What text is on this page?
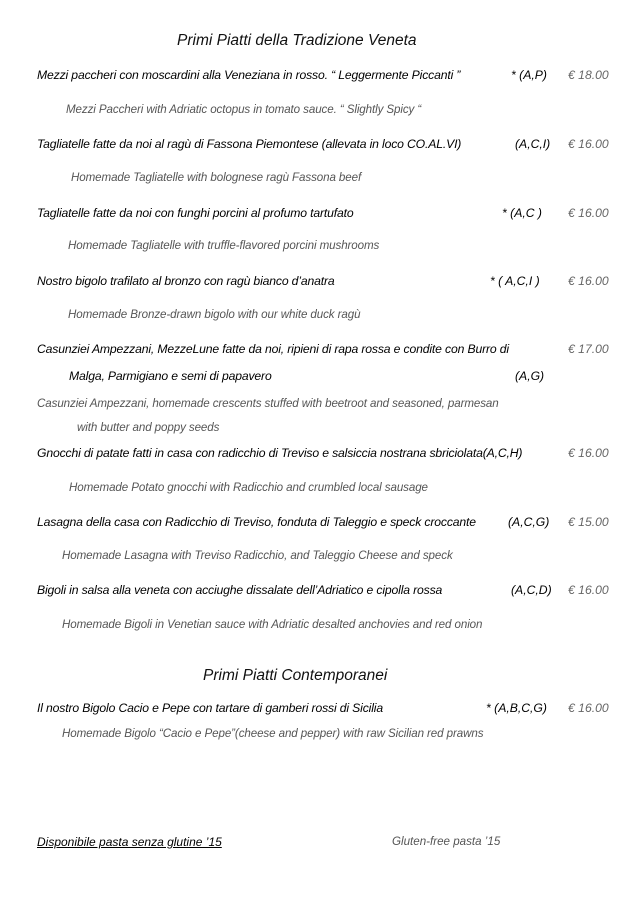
Primi Piatti della Tradizione Veneta
Mezzi paccheri con moscardini alla Veneziana in rosso. “ Leggermente Piccanti ”	* (A,P) € 18.00
Mezzi Paccheri with Adriatic octopus in tomato sauce. “ Slightly Spicy “
Tagliatelle fatte da noi al ragù di Fassona Piemontese (allevata in loco CO.AL.VI)	(A,C,I) € 16.00
Homemade Tagliatelle with bolognese ragù Fassona beef
Tagliatelle fatte da noi con funghi porcini al profumo tartufato	* (A,C ) € 16.00
Homemade Tagliatelle with truffle-flavored porcini mushrooms
Nostro bigolo trafilato al bronzo con ragù bianco d’anatra	* ( A,C,I ) € 16.00
Homemade Bronze-drawn bigolo with our white duck ragù
Casunziei Ampezzani, MezzeLune fatte da noi, ripieni di rapa rossa e condite con Burro di	€ 17.00
Malga, Parmigiano e semi di papavero	(A,G)
Casunziei Ampezzani, homemade crescents stuffed with beetroot and seasoned, parmesan
with butter and poppy seeds
Gnocchi di patate fatti in casa con radicchio di Treviso e salsiccia nostrana sbriciolata(A,C,H)	€ 16.00
Homemade Potato gnocchi with Radicchio and crumbled local sausage
Lasagna della casa con Radicchio di Treviso, fonduta di Taleggio e speck croccante	(A,C,G) € 15.00
Homemade Lasagna with Treviso Radicchio, and Taleggio Cheese and speck
Bigoli in salsa alla veneta con acciughe dissalate dell’Adriatico e cipolla rossa	(A,C,D) € 16.00
Homemade Bigoli in Venetian sauce with Adriatic desalted anchovies and red onion
Primi Piatti Contemporanei
Il nostro Bigolo Cacio e Pepe con tartare di gamberi rossi di Sicilia	* (A,B,C,G) € 16.00
Homemade Bigolo “Cacio e Pepe”(cheese and pepper) with raw Sicilian red prawns
Disponibile pasta senza glutine ’15	Gluten-free pasta ’15
